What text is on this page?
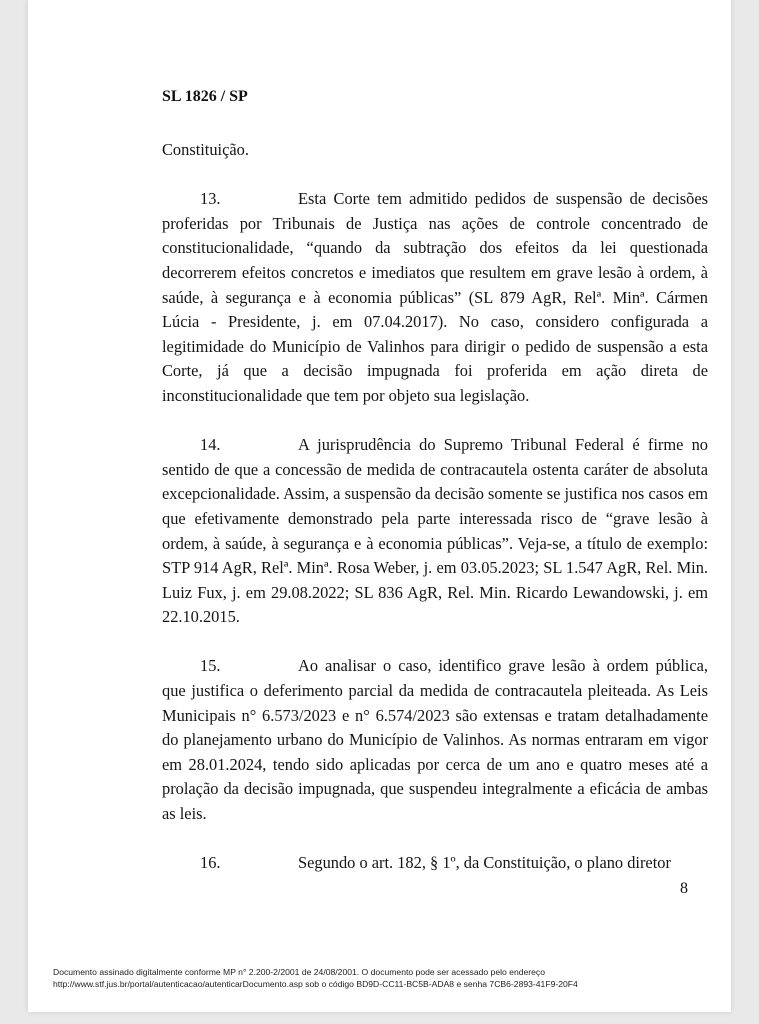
SL 1826 / SP

Constituição.

13.	Esta Corte tem admitido pedidos de suspensão de decisões proferidas por Tribunais de Justiça nas ações de controle concentrado de constitucionalidade, “quando da subtração dos efeitos da lei questionada decorrerem efeitos concretos e imediatos que resultem em grave lesão à ordem, à saúde, à segurança e à economia públicas” (SL 879 AgR, Relª. Minª. Cármen Lúcia - Presidente, j. em 07.04.2017). No caso, considero configurada a legitimidade do Município de Valinhos para dirigir o pedido de suspensão a esta Corte, já que a decisão impugnada foi proferida em ação direta de inconstitucionalidade que tem por objeto sua legislação.

14.	A jurisprudência do Supremo Tribunal Federal é firme no sentido de que a concessão de medida de contracautela ostenta caráter de absoluta excepcionalidade. Assim, a suspensão da decisão somente se justifica nos casos em que efetivamente demonstrado pela parte interessada risco de “grave lesão à ordem, à saúde, à segurança e à economia públicas”. Veja-se, a título de exemplo: STP 914 AgR, Relª. Minª. Rosa Weber, j. em 03.05.2023; SL 1.547 AgR, Rel. Min. Luiz Fux, j. em 29.08.2022; SL 836 AgR, Rel. Min. Ricardo Lewandowski, j. em 22.10.2015.

15.	Ao analisar o caso, identifico grave lesão à ordem pública, que justifica o deferimento parcial da medida de contracautela pleiteada. As Leis Municipais n° 6.573/2023 e n° 6.574/2023 são extensas e tratam detalhadamente do planejamento urbano do Município de Valinhos. As normas entraram em vigor em 28.01.2024, tendo sido aplicadas por cerca de um ano e quatro meses até a prolação da decisão impugnada, que suspendeu integralmente a eficácia de ambas as leis.

16.	Segundo o art. 182, § 1º, da Constituição, o plano diretor

8
Documento assinado digitalmente conforme MP n° 2.200-2/2001 de 24/08/2001. O documento pode ser acessado pelo endereço
http://www.stf.jus.br/portal/autenticacao/autenticarDocumento.asp sob o código BD9D-CC11-BC5B-ADA8 e senha 7CB6-2893-41F9-20F4
